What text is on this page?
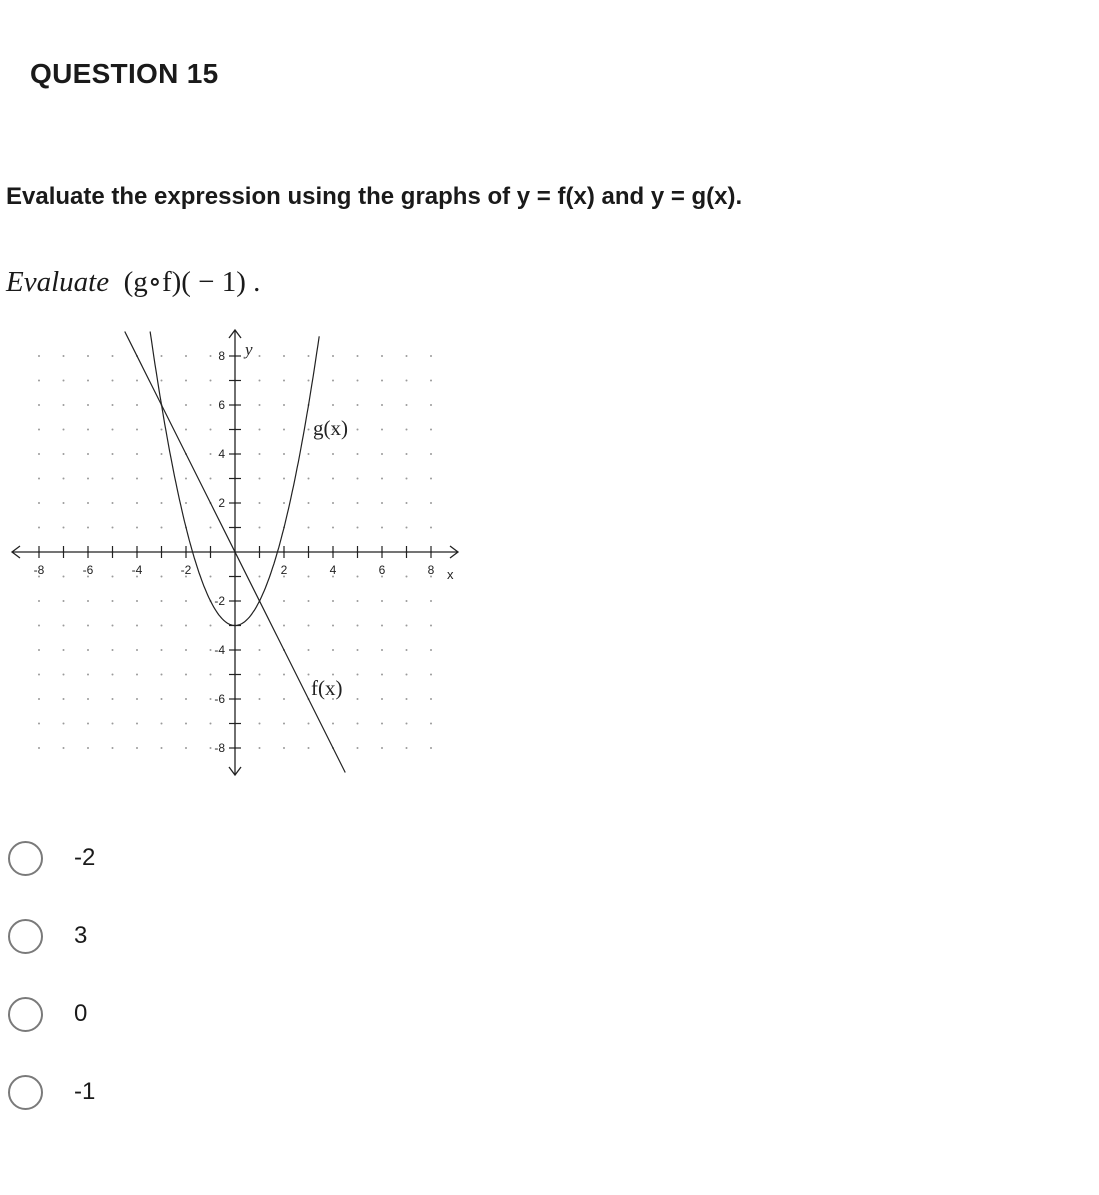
QUESTION 15
Evaluate the expression using the graphs of y = f(x) and y = g(x).
Evaluate (g∘f)( − 1) .
-8	-6	-4	-2	2	4	6	8
8
6
4
2
-2
-4
-6
-8
y
x
g(x)
f(x)
-2
3
0
-1
